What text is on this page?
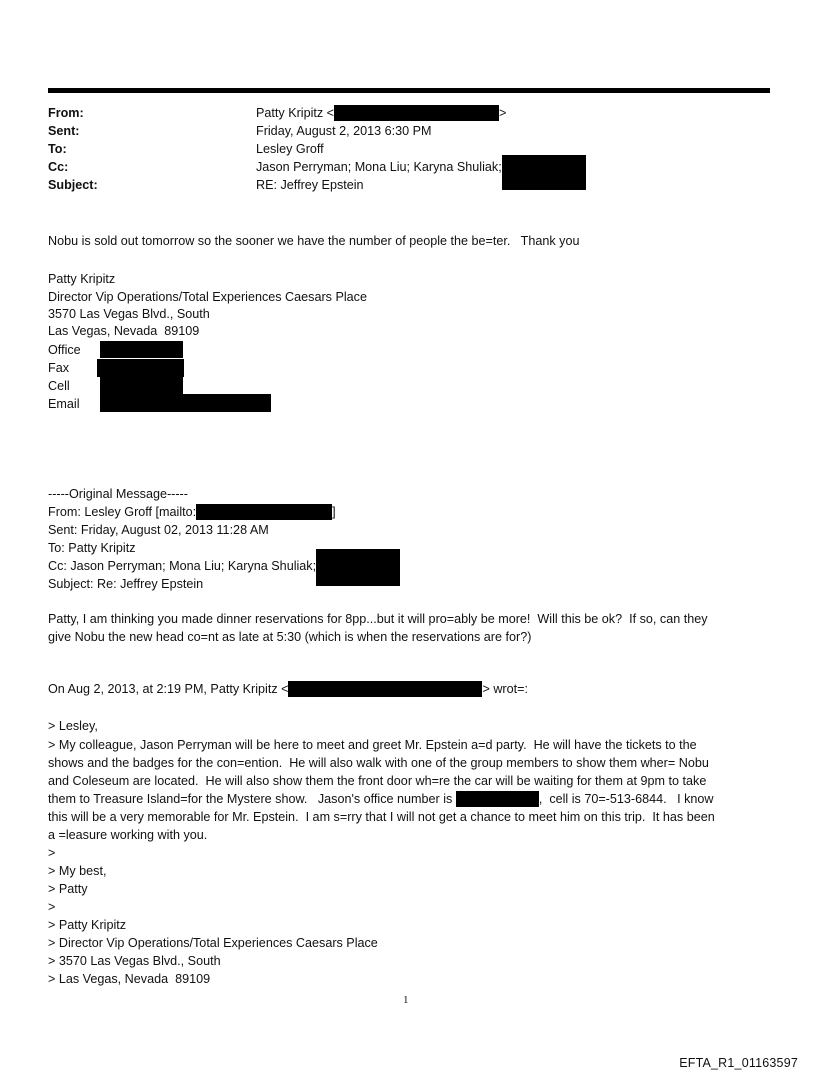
From:	Patty Kripitz <	>
Sent:	Friday, August 2, 2013 6:30 PM
To:	Lesley Groff
Cc:	Jason Perryman; Mona Liu; Karyna Shuliak;
Subject:	RE: Jeffrey Epstein
Nobu is sold out tomorrow so the sooner we have the number of people the be=ter.   Thank you
Patty Kripitz
Director Vip Operations/Total Experiences Caesars Place
3570 Las Vegas Blvd., South
Las Vegas, Nevada  89109
Office
Fax
Cell
Email
-----Original Message-----
From: Lesley Groff [mailto:	]
Sent: Friday, August 02, 2013 11:28 AM
To: Patty Kripitz
Cc: Jason Perryman; Mona Liu; Karyna Shuliak;
Subject: Re: Jeffrey Epstein
Patty, I am thinking you made dinner reservations for 8pp...but it will pro=ably be more!  Will this be ok?  If so, can they
give Nobu the new head co=nt as late at 5:30 (which is when the reservations are for?)
On Aug 2, 2013, at 2:19 PM, Patty Kripitz <	> wrot=:
> Lesley,
> My colleague, Jason Perryman will be here to meet and greet Mr. Epstein a=d party.  He will have the tickets to the
shows and the badges for the con=ention.  He will also walk with one of the group members to show them wher= Nobu
and Coleseum are located.  He will also show them the front door wh=re the car will be waiting for them at 9pm to take
them to Treasure Island=for the Mystere show.   Jason's office number is	,  cell is 70=-513-6844.   I know
this will be a very memorable for Mr. Epstein.  I am s=rry that I will not get a chance to meet him on this trip.  It has been
a =leasure working with you.
>
> My best,
> Patty
>
> Patty Kripitz
> Director Vip Operations/Total Experiences Caesars Place
> 3570 Las Vegas Blvd., South
> Las Vegas, Nevada  89109
1
EFTA_R1_01163597
